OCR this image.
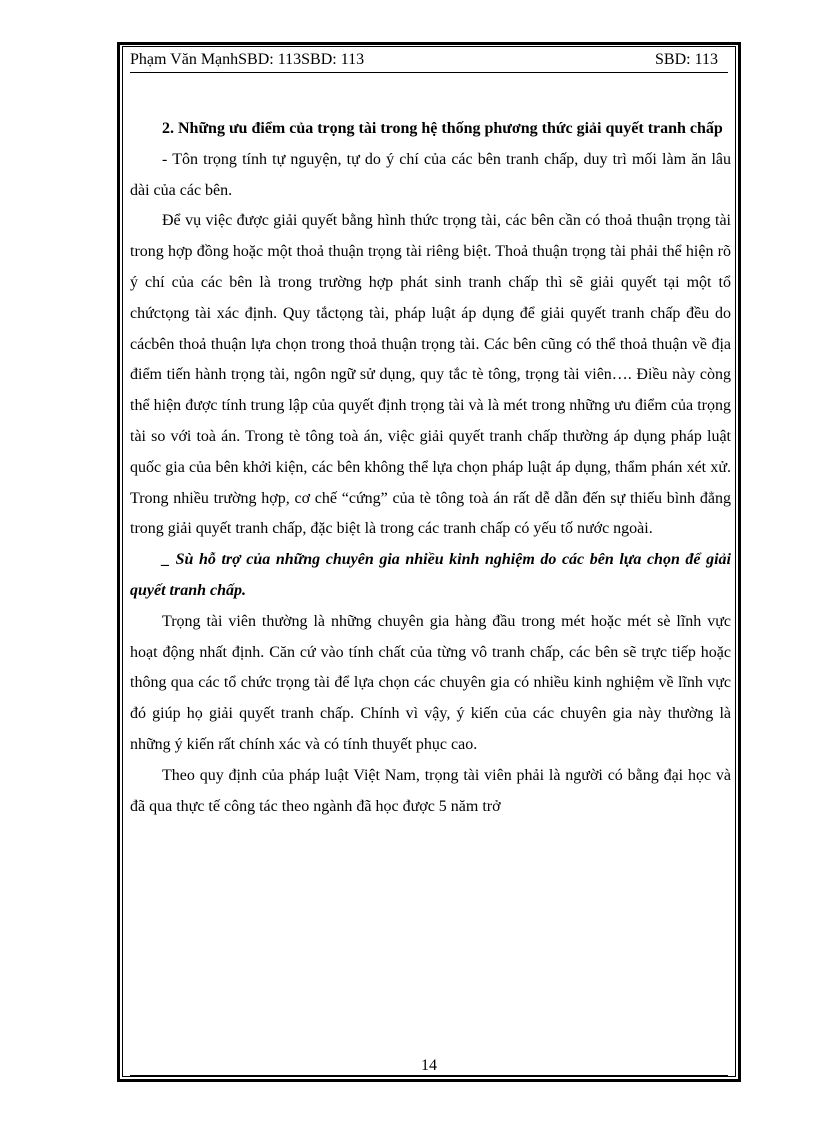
Phạm Văn MạnhSBD: 113SBD: 113	SBD: 113

2. Những ưu điểm của trọng tài trong hệ thống phương thức giải quyết tranh chấp

- Tôn trọng tính tự nguyện, tự do ý chí của các bên tranh chấp, duy trì mối làm ăn lâu dài của các bên.

Để vụ việc được giải quyết bằng hình thức trọng tài, các bên cần có thoả thuận trọng tài trong hợp đồng hoặc một thoả thuận trọng tài riêng biệt. Thoả thuận trọng tài phải thể hiện rõ ý chí của các bên là trong trường hợp phát sinh tranh chấp thì sẽ giải quyết tại một tổ chứctọng tài xác định. Quy tắctọng tài, pháp luật áp dụng để giải quyết tranh chấp đều do cácbên thoả thuận lựa chọn trong thoả thuận trọng tài. Các bên cũng có thể thoả thuận về địa điểm tiến hành trọng tài, ngôn ngữ sử dụng, quy tắc tè tông, trọng tài viên…. Điều này còng thể hiện được tính trung lập của quyết định trọng tài và là mét trong những ưu điểm của trọng tài so với toà án. Trong tè tông toà án, việc giải quyết tranh chấp thường áp dụng pháp luật quốc gia của bên khởi kiện, các bên không thể lựa chọn pháp luật áp dụng, thẩm phán xét xử. Trong nhiều trường hợp, cơ chế “cứng” của tè tông toà án rất dễ dẫn đến sự thiếu bình đẳng trong giải quyết tranh chấp, đặc biệt là trong các tranh chấp có yếu tố nước ngoài.

_ Sù hỗ trợ của những chuyên gia nhiều kinh nghiệm do các bên lựa chọn để giải quyết tranh chấp.

Trọng tài viên thường là những chuyên gia hàng đầu trong mét hoặc mét sè lĩnh vực hoạt động nhất định. Căn cứ vào tính chất của từng vô tranh chấp, các bên sẽ trực tiếp hoặc thông qua các tổ chức trọng tài để lựa chọn các chuyên gia có nhiều kinh nghiệm về lĩnh vực đó giúp họ giải quyết tranh chấp. Chính vì vậy, ý kiến của các chuyên gia này thường là những ý kiến rất chính xác và có tính thuyết phục cao.

Theo quy định của pháp luật Việt Nam, trọng tài viên phải là người có bằng đại học và đã qua thực tế công tác theo ngành đã học được 5 năm trở

14
